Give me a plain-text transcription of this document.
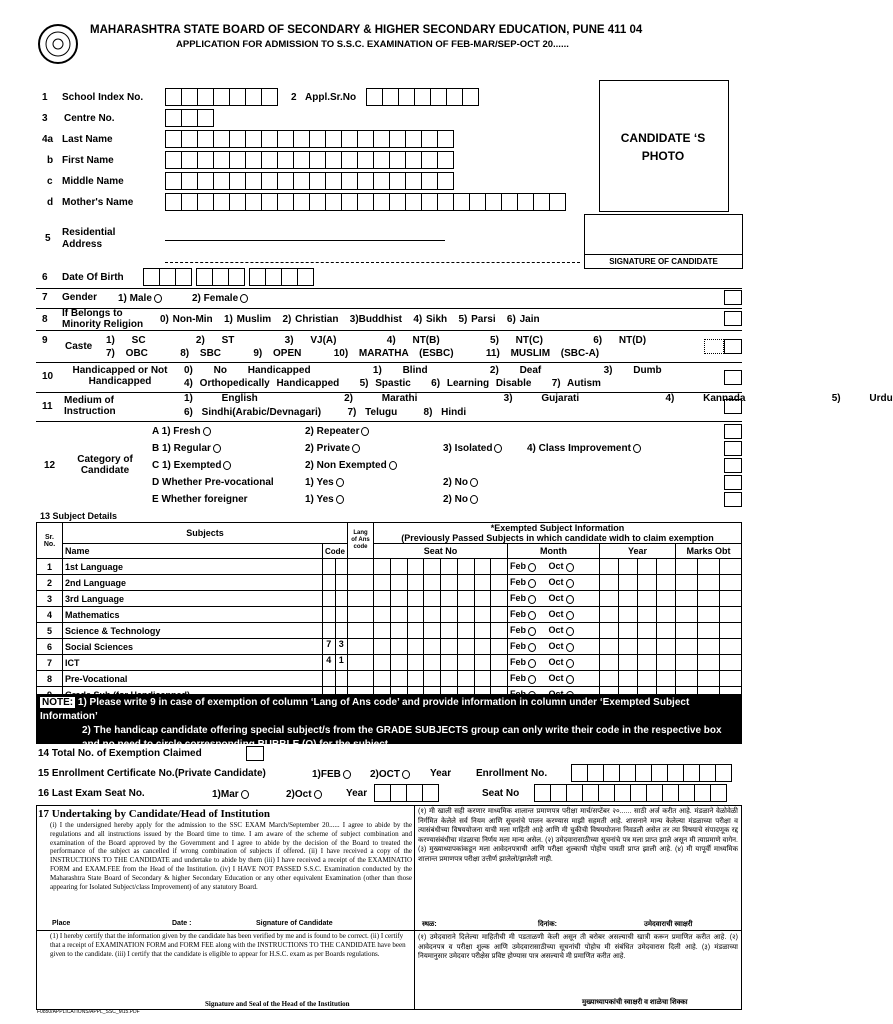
MAHARASHTRA STATE BOARD OF SECONDARY & HIGHER SECONDARY EDUCATION, PUNE 411 04
APPLICATION FOR ADMISSION TO S.S.C. EXAMINATION OF FEB-MAR/SEP-OCT 20......
CANDIDATE ‘S PHOTO
SIGNATURE OF CANDIDATE
1 School Index No.	2 Appl.Sr.No
3 Centre No.
4a Last Name
b First Name
c Middle Name
d Mother's Name
5
Residential Address
6 Date Of Birth
7 Gender 1) Male	2) Female
8
If Belongs to Minority Religion	0) Non-Min   1) Muslim   2) Christian   3)Buddhist   4) Sikh   5) Parsi   6) Jain
9
Caste
1) SC   2) ST   3) VJ(A)   4) NT(B)   5) NT(C)   6) NT(D)
7) OBC   8) SBC   9) OPEN   10) MARATHA (ESBC)   11) MUSLIM (SBC-A)
10
Handicapped or Not Handicapped
0) No Handicapped   1) Blind   2) Deaf   3) Dumb
4) Orthopedically Handicapped   5) Spastic   6) Learning Disable   7) Autism
11
Medium of Instruction
1) English   2) Marathi   3) Gujarati   4) Kannada   5) Urdu
6) Sindhi(Arabic/Devnagari)   7) Telugu   8) Hindi
12
Category of Candidate
A 1) Fresh	2) Repeater
B 1) Regular	2) Private	3) Isolated	4) Class Improvement
C 1) Exempted	2) Non Exempted
D Whether Pre-vocational	1) Yes	2) No
E Whether foreigner	1) Yes	2) No
13 Subject Details
Sr. No.	Subjects		Lang of Ans code	*Exempted Subject Information
(Previously Passed Subjects in which candidate widh to claim exemption			

	Name	Code		Seat No	Month	Year	Marks Obt
1	1st Language				Feb Oct	

2	2nd Language				Feb Oct	

3	3rd Language				Feb Oct	

4	Mathematics				Feb Oct	

5	Science & Technology				Feb Oct	

6	Social Sciences	7 3			Feb Oct	

7	ICT	4 1			Feb Oct	

8	Pre-Vocational				Feb Oct	

NOTE: 1) Please write 9 in case of exemption of column ‘Lang of Ans code’ and provide information in column under ‘Exempted Subject Information’
2) The handicap candidate offering special subject/s from the GRADE SUBJECTS group can only write their code in the respective box and no need to circle corresponding BUBBLE (O) for the subject
14 Total No. of Exemption Claimed
15 Enrollment Certificate No.(Private Candidate)	1)FEB	2)OCT	Year Enrollment No.
16 Last Exam Seat No.	1)Mar	2)Oct	Year	Seat No
17 Undertaking by Candidate/Head of Institution
(i) I the undersigned hereby apply for the admission to the SSC EXAM March/September 20...... I agree to abide by the regulations and all instructions issued by the Board time to time. I am aware of the scheme of subject combination and examination of the Board approved by the Government and I agree to abide by the decision of the Board to treated the performance of the subject as cancelled if wrong combination of subjects if offered. (ii) I have received a copy of the INSTRUCTIONS TO THE CANDIDATE and undertake to abide by them (iii) I have received a receipt of the EXAMINATIO FORM and EXAM.FEE from the Head of the Institution. (iv) I HAVE NOT PASSED S.S.C. Examination conducted by the Maharashtra State Board of Secondary & higher Secondary Education or any other equivalent Examination (other than those appearing for Isolated Subject/class Improvement) of any statutory Board.
Place	Date :	Signature of Candidate
(1) I hereby certify that the information given by the candidate has been verified by me and is found to be correct. (ii) I certify that a receipt of EXAMINATION FORM and FORM FEE along with the INSTRUCTIONS TO THE CANDIDATE have been given to the candidate. (iii) I certify that the candidate is eligible to appear for H.S.C. exam as per Boards regulations.
Signature and Seal of the Head of the Institution
(१) मी खाली सही करणार माध्यमिक शालान्त प्रमाणपत्र परीक्षा मार्च/सप्टेंबर २०...... साठी अर्ज करीत आहे. मंडळाने वेळोवेळी निर्गमित केलेले सर्व नियम आणि सूचनांचे पालन करण्यास माझी सहमती आहे. शासनाने मान्य केलेल्या मंडळाच्या परीक्षा व त्यासंबंधीच्या विषययोजना याची मला माहिती आहे आणि मी चुकीची विषययोजना निवडली असेल तर त्या विषयाचे संपादणूक रद्द करण्यासंबंधीचा मंडळाचा निर्णय मला मान्य असेल. (२) उमेदवारासाठीच्या सूचनांचे पत्र मला प्राप्त झाले असून मी त्याप्रमाणे वागेन. (३) मुख्याध्यापकांकडून मला आवेदनपत्राची आणि परीक्षा शुल्काची पोहोच पावती प्राप्त झाली आहे. (४) मी यापूर्वी माध्यमिक शालान्त प्रमाणपत्र परीक्षा उत्तीर्ण झालेलो/झालेली नाही.
स्थळ:	दिनांक:	उमेदवाराची स्वाक्षरी
(१) उमेदवाराने दिलेल्या माहितीची मी पडताळणी केली असून ती बरोबर असल्याची खात्री करून प्रमाणित करीत आहे. (२) आवेदनपत्र व परीक्षा शुल्क आणि उमेदवारासाठीच्या सूचनांची पोहोच मी संबंधित उमेदवारास दिली आहे. (३) मंडळाच्या नियमानुसार उमेदवार परीक्षेस प्रविष्ट होण्यास पात्र असल्याचे मी प्रमाणित करीत आहे.
मुख्याध्यापकांची स्वाक्षरी व शाळेचा शिक्का
F0850/APPLICATIONS/APPL_SSC_M15.PDF
